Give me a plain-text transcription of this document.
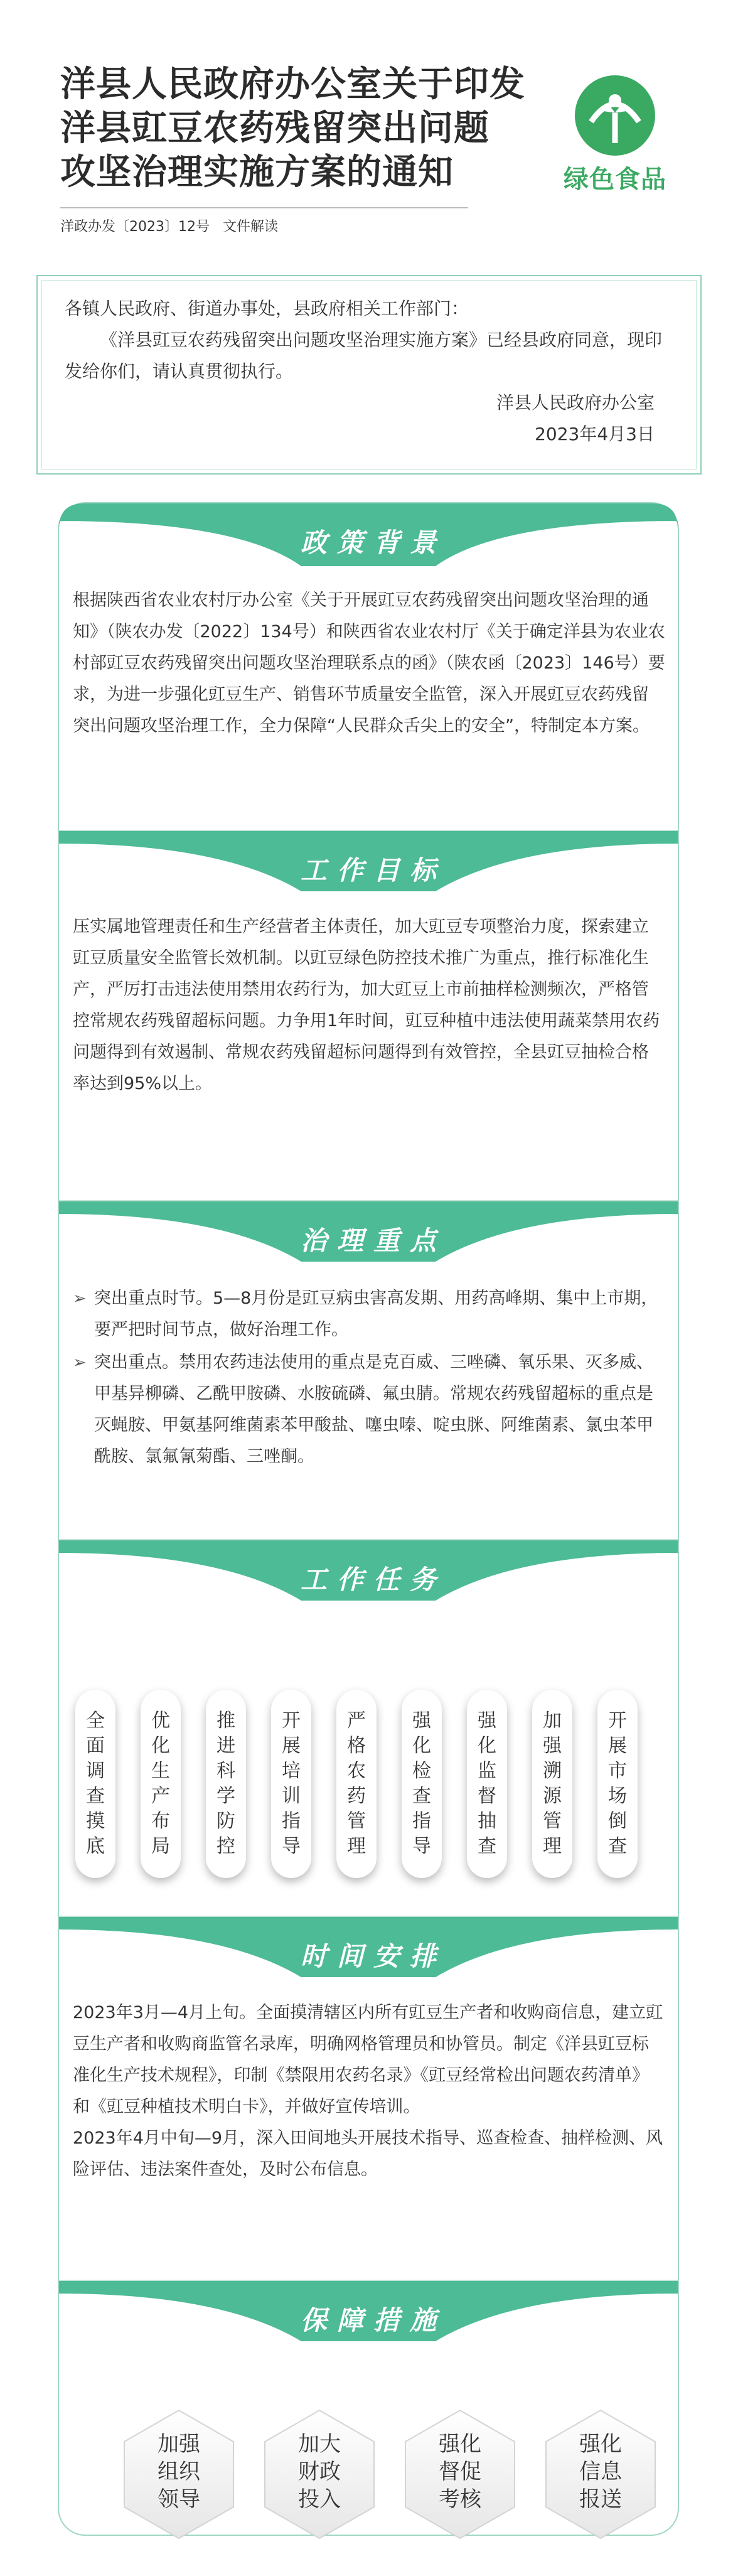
洋县人民政府办公室关于印发
洋县豇豆农药残留突出问题
攻坚治理实施方案的通知
洋政办发〔2023〕12号 文件解读
绿色食品

各镇人民政府、街道办事处，县政府相关工作部门：

《洋县豇豆农药残留突出问题攻坚治理实施方案》已经县政府同意，现印发给你们，请认真贯彻执行。

洋县人民政府办公室

2023年4月3日

政策背景

根据陕西省农业农村厅办公室《关于开展豇豆农药残留突出问题攻坚治理的通知》（陕农办发〔2022〕134号）和陕西省农业农村厅《关于确定洋县为农业农村部豇豆农药残留突出问题攻坚治理联系点的函》（陕农函〔2023〕146号）要求，为进一步强化豇豆生产、销售环节质量安全监管，深入开展豇豆农药残留突出问题攻坚治理工作，全力保障“人民群众舌尖上的安全”，特制定本方案。

工作目标

压实属地管理责任和生产经营者主体责任，加大豇豆专项整治力度，探索建立豇豆质量安全监管长效机制。以豇豆绿色防控技术推广为重点，推行标准化生产，严厉打击违法使用禁用农药行为，加大豇豆上市前抽样检测频次，严格管控常规农药残留超标问题。力争用1年时间，豇豆种植中违法使用蔬菜禁用农药问题得到有效遏制、常规农药残留超标问题得到有效管控，全县豇豆抽检合格率达到95%以上。

治理重点
➢ 突出重点时节。5—8月份是豇豆病虫害高发期、用药高峰期、集中上市期，要严把时间节点，做好治理工作。
➢ 突出重点。禁用农药违法使用的重点是克百威、三唑磷、氧乐果、灭多威、甲基异柳磷、乙酰甲胺磷、水胺硫磷、氟虫腈。常规农药残留超标的重点是灭蝇胺、甲氨基阿维菌素苯甲酸盐、噻虫嗪、啶虫脒、阿维菌素、氯虫苯甲酰胺、氯氟氰菊酯、三唑酮。
工作任务
全
面
调
查
摸
底
优
化
生
产
布
局
推
进
科
学
防
控
开
展
培
训
指
导
严
格
农
药
管
理
强
化
检
查
指
导
强
化
监
督
抽
查
加
强
溯
源
管
理
开
展
市
场
倒
查
时间安排

2023年3月—4月上旬。全面摸清辖区内所有豇豆生产者和收购商信息，建立豇豆生产者和收购商监管名录库，明确网格管理员和协管员。制定《洋县豇豆标准化生产技术规程》，印制《禁限用农药名录》《豇豆经常检出问题农药清单》和《豇豆种植技术明白卡》，并做好宣传培训。

2023年4月中旬—9月，深入田间地头开展技术指导、巡查检查、抽样检测、风险评估、违法案件查处，及时公布信息。

保障措施
加强
组织
领导
加大
财政
投入
强化
督促
考核
强化
信息
报送
